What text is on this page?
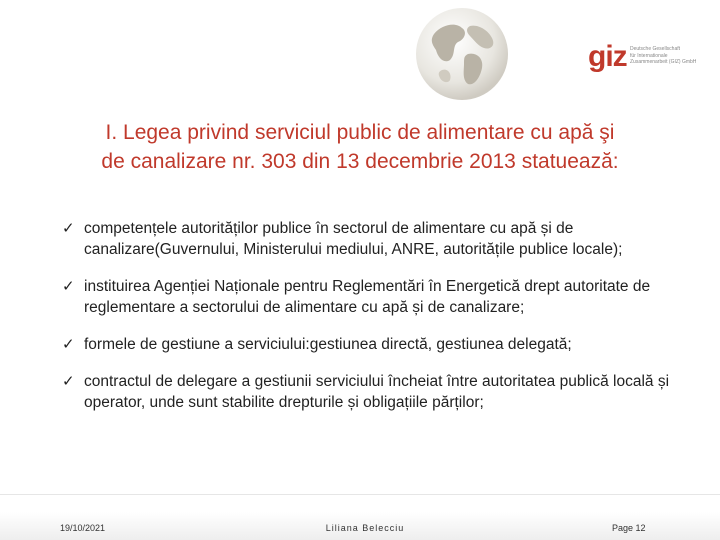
giz Deutsche Gesellschaft
für Internationale
Zusammenarbeit (GIZ) GmbH
I. Legea privind serviciul public de alimentare cu apă şi
de canalizare nr. 303 din 13 decembrie 2013 statuează:
✓ competențele autorităților publice în sectorul de alimentare cu apă și de canalizare(Guvernului, Ministerului mediului, ANRE, autoritățile publice locale);
✓ instituirea Agenției Naționale pentru Reglementări în Energetică drept autoritate de reglementare a sectorului de alimentare cu apă și de canalizare;
✓ formele de gestiune a serviciului:gestiunea directă, gestiunea delegată;
✓ contractul de delegare a gestiunii serviciului încheiat între autoritatea publică locală și operator, unde sunt stabilite drepturile și obligațiile părților;
19/10/2021	Liliana Belecciu	Page 12
